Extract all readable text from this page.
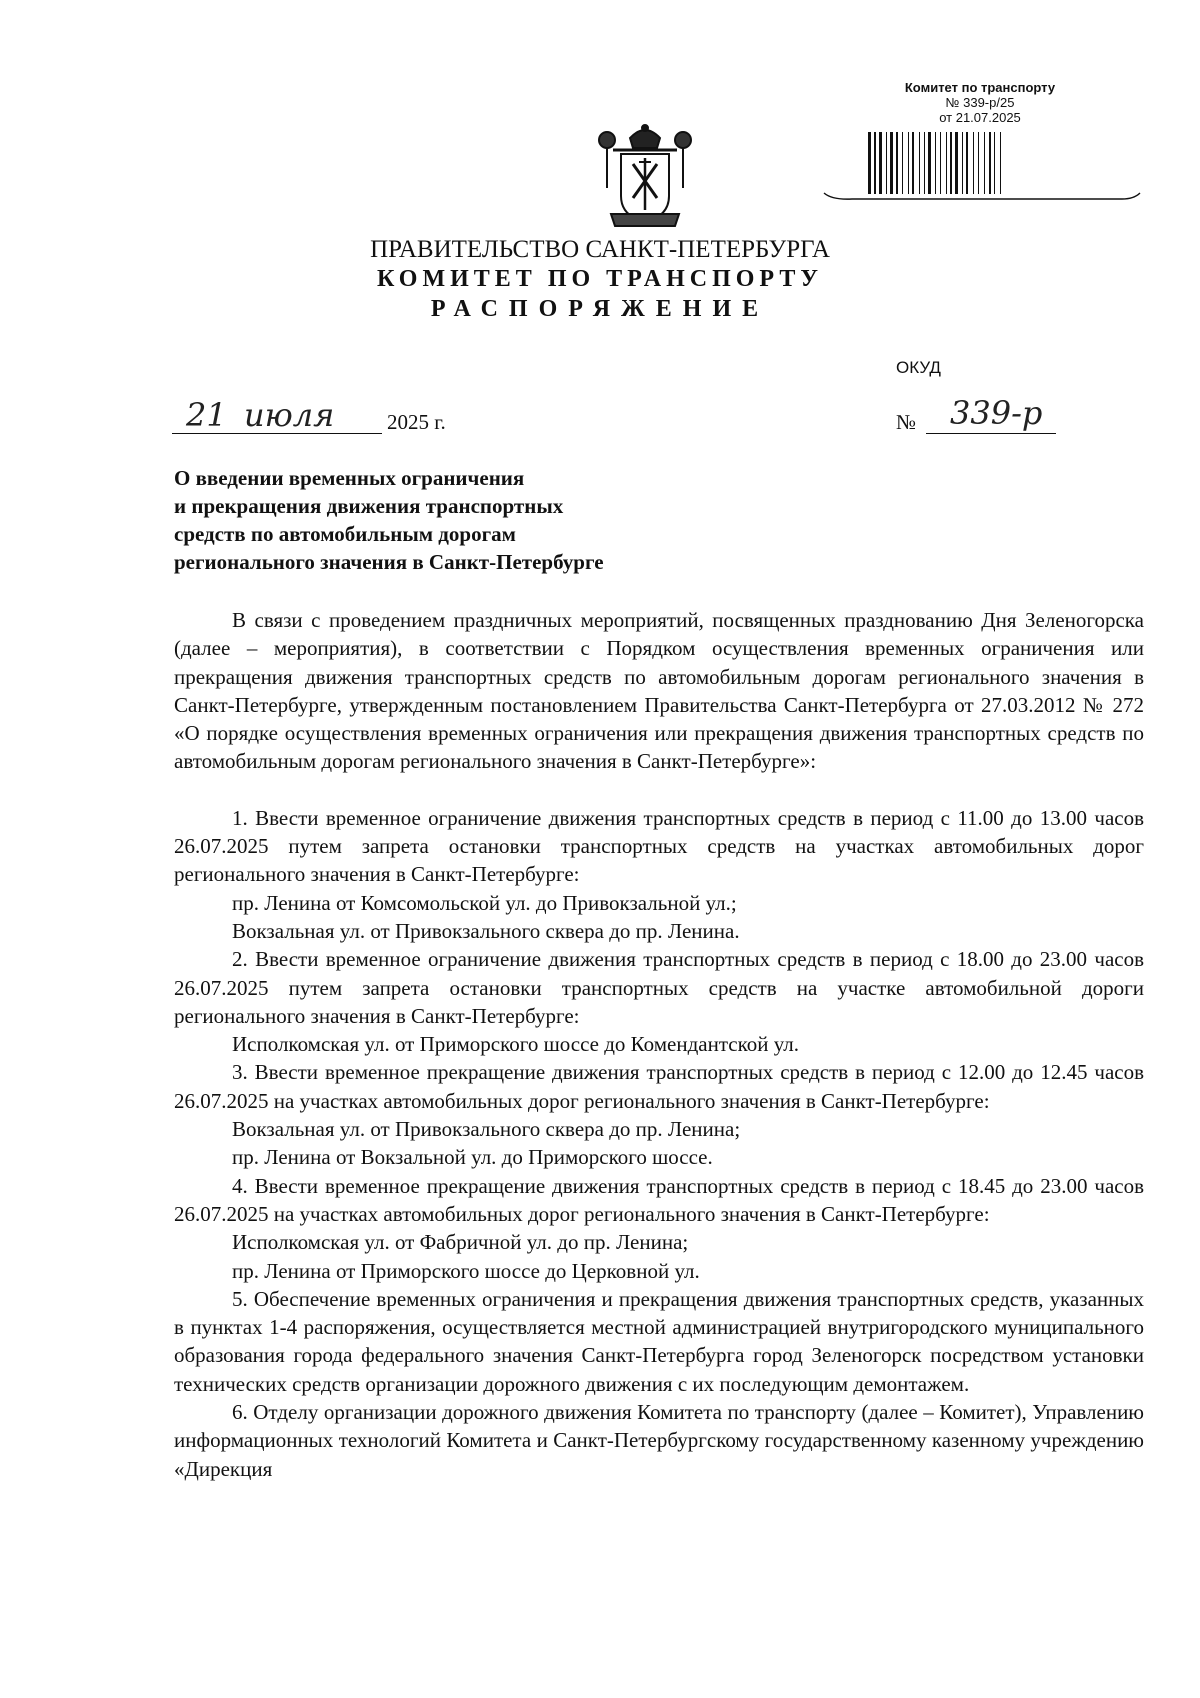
Комитет по транспорту
№ 339-р/25
от 21.07.2025
ПРАВИТЕЛЬСТВО САНКТ-ПЕТЕРБУРГА
КОМИТЕТ ПО ТРАНСПОРТУ
РАСПОРЯЖЕНИЕ
ОКУД
21 июля	2025 г.	№ 339-р
О введении временных ограничения
и прекращения движения транспортных
средств по автомобильным дорогам
регионального значения в Санкт-Петербурге

В связи с проведением праздничных мероприятий, посвященных празднованию Дня Зеленогорска (далее – мероприятия), в соответствии с Порядком осуществления временных ограничения или прекращения движения транспортных средств по автомобильным дорогам регионального значения в Санкт-Петербурге, утвержденным постановлением Правительства Санкт-Петербурга от 27.03.2012 № 272 «О порядке осуществления временных ограничения или прекращения движения транспортных средств по автомобильным дорогам регионального значения в Санкт-Петербурге»:

1. Ввести временное ограничение движения транспортных средств в период с 11.00 до 13.00 часов 26.07.2025 путем запрета остановки транспортных средств на участках автомобильных дорог регионального значения в Санкт-Петербурге:

пр. Ленина от Комсомольской ул. до Привокзальной ул.;

Вокзальная ул. от Привокзального сквера до пр. Ленина.

2. Ввести временное ограничение движения транспортных средств в период с 18.00 до 23.00 часов 26.07.2025 путем запрета остановки транспортных средств на участке автомобильной дороги регионального значения в Санкт-Петербурге:

Исполкомская ул. от Приморского шоссе до Комендантской ул.

3. Ввести временное прекращение движения транспортных средств в период с 12.00 до 12.45 часов 26.07.2025 на участках автомобильных дорог регионального значения в Санкт-Петербурге:

Вокзальная ул. от Привокзального сквера до пр. Ленина;

пр. Ленина от Вокзальной ул. до Приморского шоссе.

4. Ввести временное прекращение движения транспортных средств в период с 18.45 до 23.00 часов 26.07.2025 на участках автомобильных дорог регионального значения в Санкт-Петербурге:

Исполкомская ул. от Фабричной ул. до пр. Ленина;

пр. Ленина от Приморского шоссе до Церковной ул.

5. Обеспечение временных ограничения и прекращения движения транспортных средств, указанных в пунктах 1-4 распоряжения, осуществляется местной администрацией внутригородского муниципального образования города федерального значения Санкт-Петербурга город Зеленогорск посредством установки технических средств организации дорожного движения с их последующим демонтажем.

6. Отделу организации дорожного движения Комитета по транспорту (далее – Комитет), Управлению информационных технологий Комитета и Санкт-Петербургскому государственному казенному учреждению «Дирекция
